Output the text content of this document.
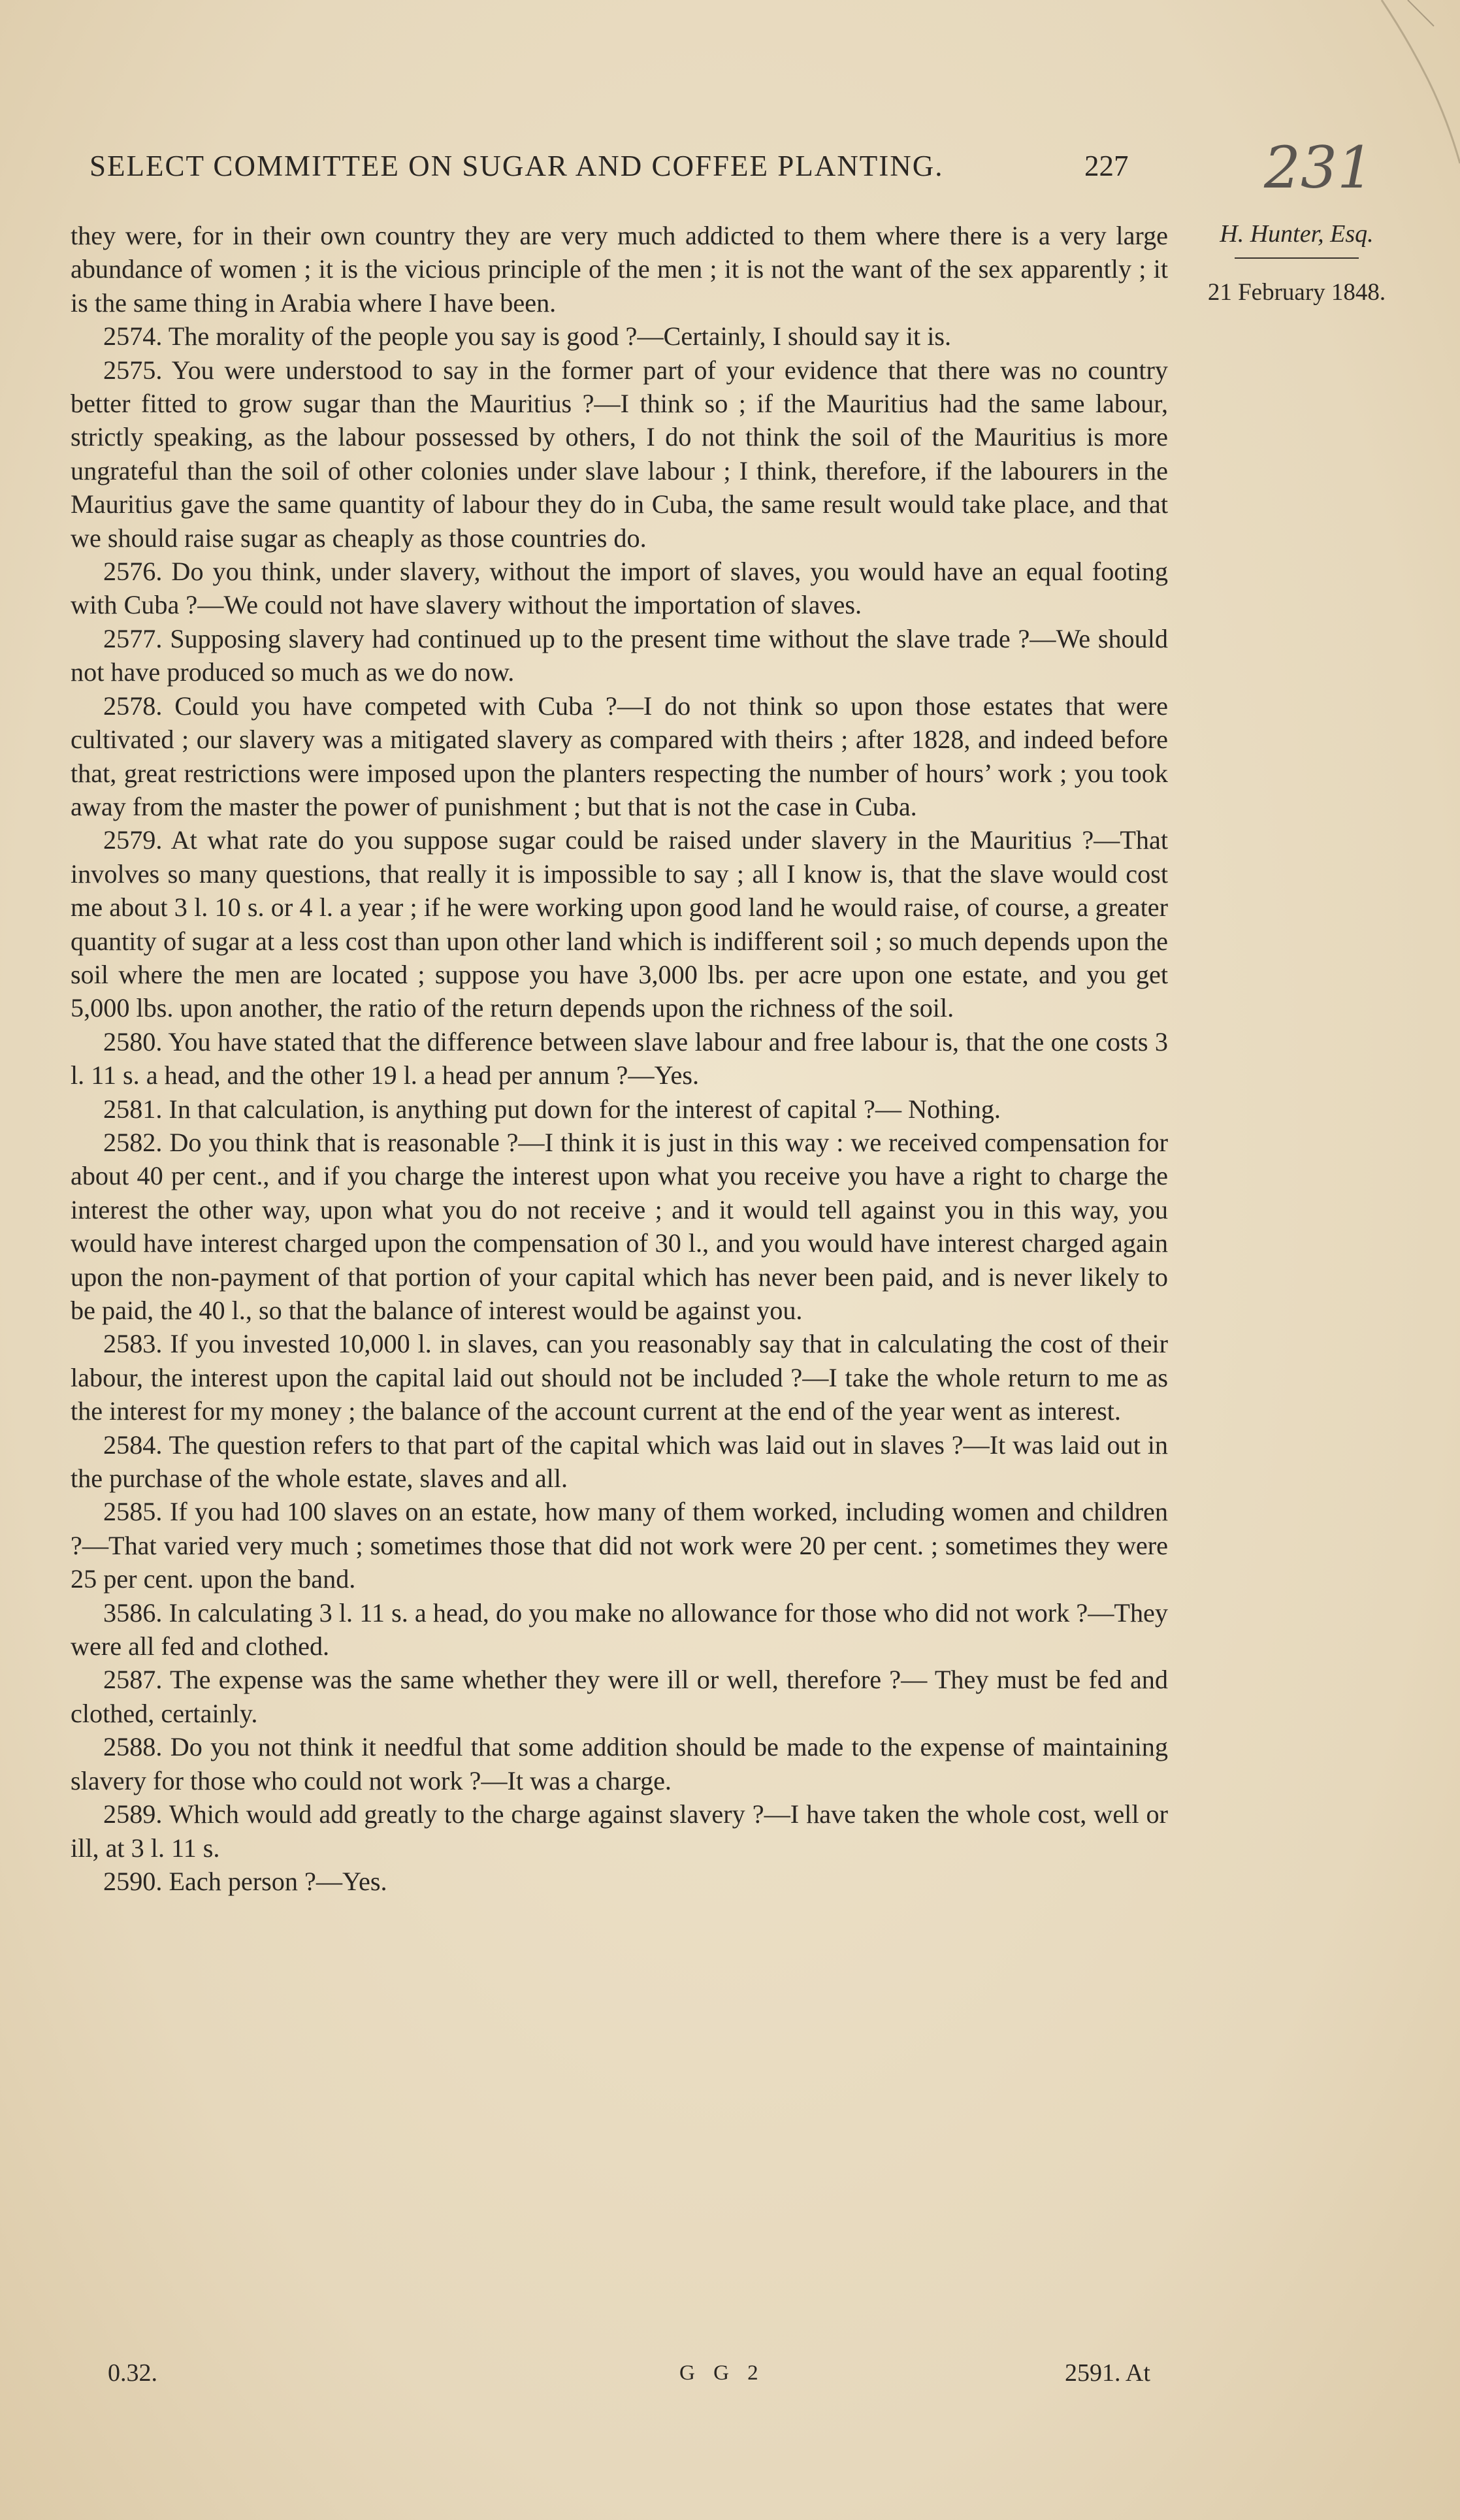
SELECT COMMITTEE ON SUGAR AND COFFEE PLANTING.	227 231
H. Hunter, Esq.
21 February 1848.

they were, for in their own country they are very much addicted to them where there is a very large abundance of women ; it is the vicious principle of the men ; it is not the want of the sex apparently ; it is the same thing in Arabia where I have been.

2574. The morality of the people you say is good ?—Certainly, I should say it is.

2575. You were understood to say in the former part of your evidence that there was no country better fitted to grow sugar than the Mauritius ?—I think so ; if the Mauritius had the same labour, strictly speaking, as the labour possessed by others, I do not think the soil of the Mauritius is more ungrateful than the soil of other colonies under slave labour ; I think, therefore, if the labourers in the Mauritius gave the same quantity of labour they do in Cuba, the same result would take place, and that we should raise sugar as cheaply as those countries do.

2576. Do you think, under slavery, without the import of slaves, you would have an equal footing with Cuba ?—We could not have slavery without the importation of slaves.

2577. Supposing slavery had continued up to the present time without the slave trade ?—We should not have produced so much as we do now.

2578. Could you have competed with Cuba ?—I do not think so upon those estates that were cultivated ; our slavery was a mitigated slavery as compared with theirs ; after 1828, and indeed before that, great restrictions were imposed upon the planters respecting the number of hours’ work ; you took away from the master the power of punishment ; but that is not the case in Cuba.

2579. At what rate do you suppose sugar could be raised under slavery in the Mauritius ?—That involves so many questions, that really it is impossible to say ; all I know is, that the slave would cost me about 3 l. 10 s. or 4 l. a year ; if he were working upon good land he would raise, of course, a greater quantity of sugar at a less cost than upon other land which is indifferent soil ; so much depends upon the soil where the men are located ; suppose you have 3,000 lbs. per acre upon one estate, and you get 5,000 lbs. upon another, the ratio of the return depends upon the richness of the soil.

2580. You have stated that the difference between slave labour and free labour is, that the one costs 3 l. 11 s. a head, and the other 19 l. a head per annum ?—Yes.

2581. In that calculation, is anything put down for the interest of capital ?— Nothing.

2582. Do you think that is reasonable ?—I think it is just in this way : we received compensation for about 40 per cent., and if you charge the interest upon what you receive you have a right to charge the interest the other way, upon what you do not receive ; and it would tell against you in this way, you would have interest charged upon the compensation of 30 l., and you would have interest charged again upon the non-payment of that portion of your capital which has never been paid, and is never likely to be paid, the 40 l., so that the balance of interest would be against you.

2583. If you invested 10,000 l. in slaves, can you reasonably say that in calculating the cost of their labour, the interest upon the capital laid out should not be included ?—I take the whole return to me as the interest for my money ; the balance of the account current at the end of the year went as interest.

2584. The question refers to that part of the capital which was laid out in slaves ?—It was laid out in the purchase of the whole estate, slaves and all.

2585. If you had 100 slaves on an estate, how many of them worked, including women and children ?—That varied very much ; sometimes those that did not work were 20 per cent. ; sometimes they were 25 per cent. upon the band.

3586. In calculating 3 l. 11 s. a head, do you make no allowance for those who did not work ?—They were all fed and clothed.

2587. The expense was the same whether they were ill or well, therefore ?— They must be fed and clothed, certainly.

2588. Do you not think it needful that some addition should be made to the expense of maintaining slavery for those who could not work ?—It was a charge.

2589. Which would add greatly to the charge against slavery ?—I have taken the whole cost, well or ill, at 3 l. 11 s.

2590. Each person ?—Yes.

0.32.	G G 2	2591. At
